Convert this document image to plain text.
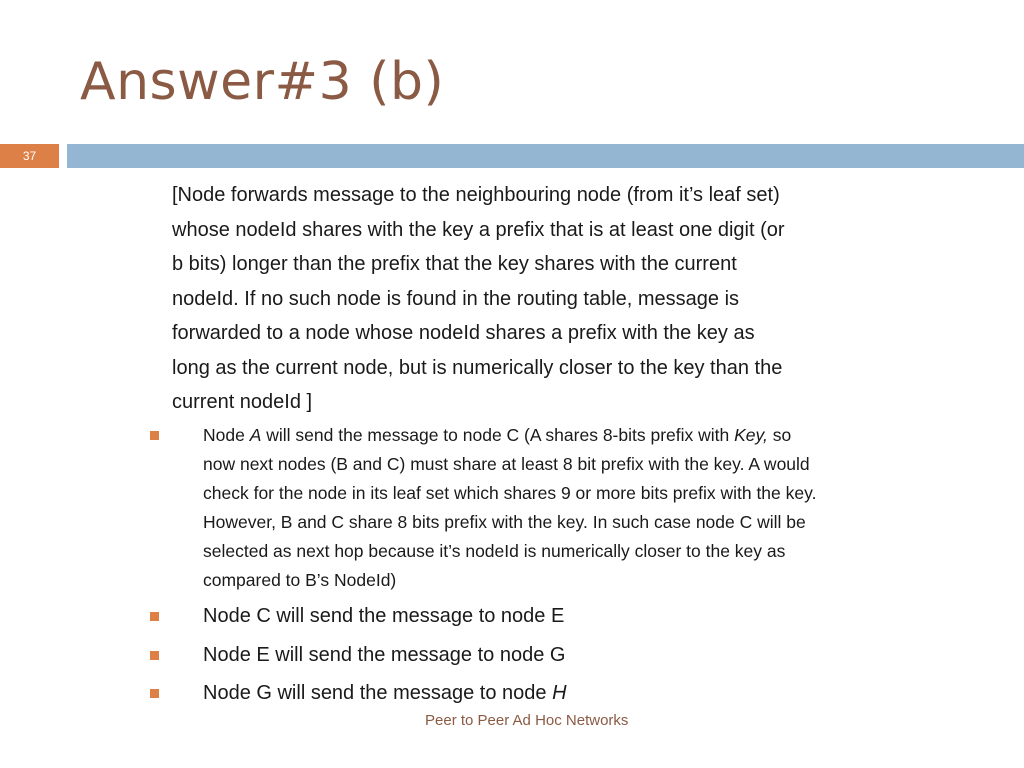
Answer#3 (b)
37
[Node forwards message to the neighbouring node (from it’s leaf set)
whose nodeId shares with the key a prefix that is at least one digit (or
b bits) longer than the prefix that the key shares with the current
nodeId. If no such node is found in the routing table, message is
forwarded to a node whose nodeId shares a prefix with the key as
long as the current node, but is numerically closer to the key than the
current nodeId ]
Node A will send the message to node C (A shares 8-bits prefix with Key, so
now next nodes (B and C) must share at least 8 bit prefix with the key. A would
check for the node in its leaf set which shares 9 or more bits prefix with the key.
However, B and C share 8 bits prefix with the key. In such case node C will be
selected as next hop because it’s nodeId is numerically closer to the key as
compared to B’s NodeId)
Node C will send the message to node E
Node E will send the message to node G
Node G will send the message to node H
Peer to Peer Ad Hoc Networks
